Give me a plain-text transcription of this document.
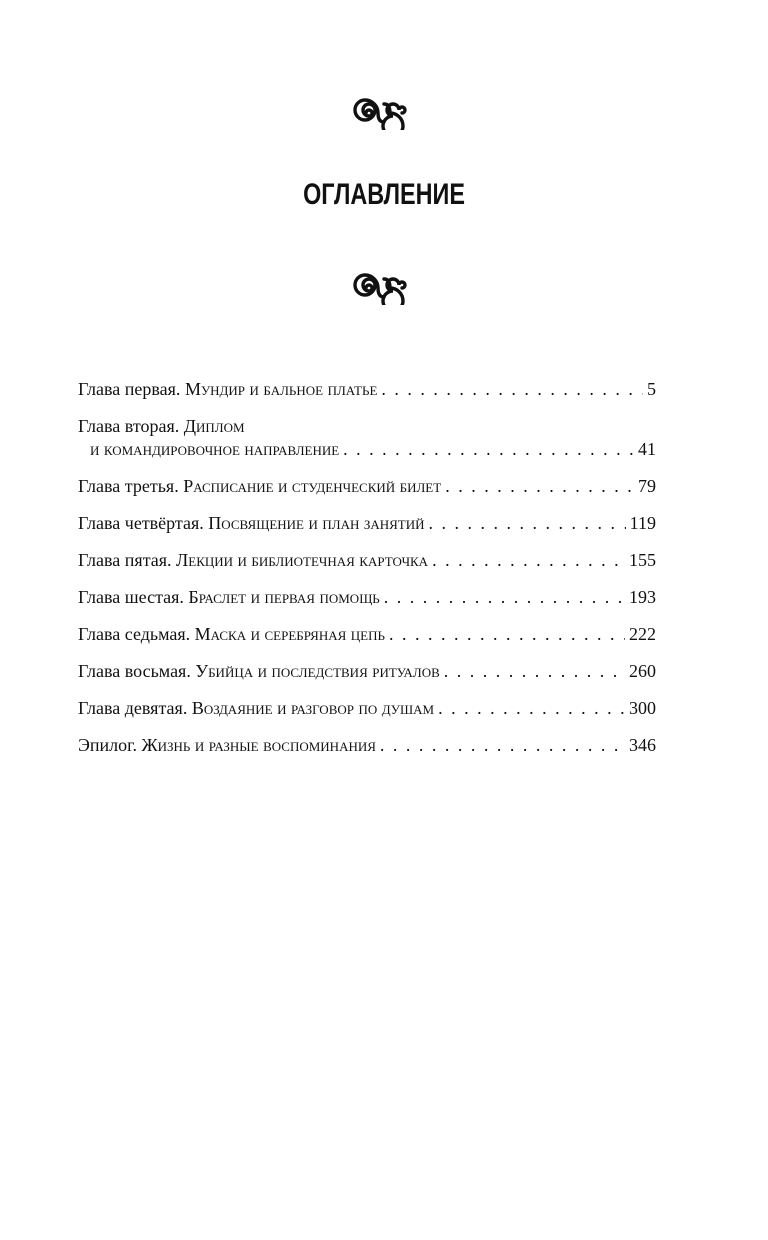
ОГЛАВЛЕНИЕ
Глава первая. Мундир и бальное платье . . .	5
Глава вторая. Диплом
и командировочное направление . . .	41
Глава третья. Расписание и студенческий билет . . .	79
Глава четвёртая. Посвящение и план занятий . . .	119
Глава пятая. Лекции и библиотечная карточка . . .	155
Глава шестая. Браслет и первая помощь . . .	193
Глава седьмая. Маска и серебряная цепь . . .	222
Глава восьмая. Убийца и последствия ритуалов . . .	260
Глава девятая. Воздаяние и разговор по душам . . .	300
Эпилог. Жизнь и разные воспоминания . . .	346
